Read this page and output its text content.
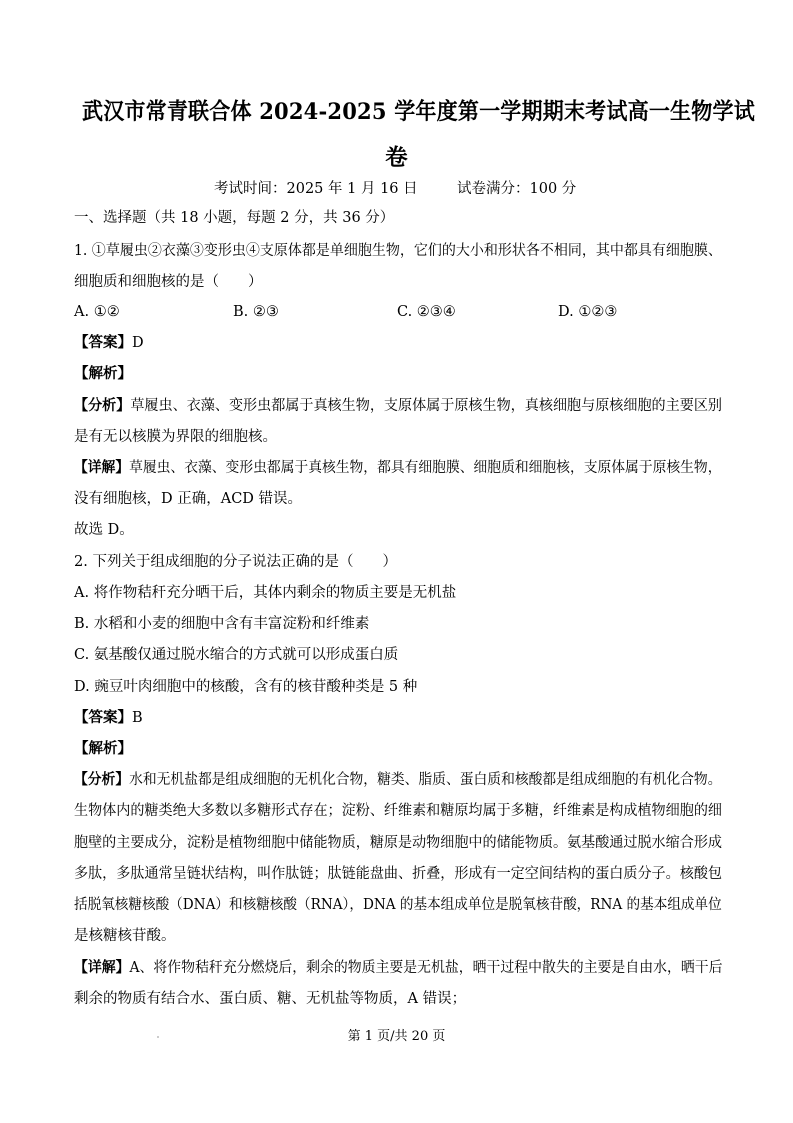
武汉市常青联合体 2024-2025 学年度第一学期期末考试高一生物学试
卷
考试时间：2025 年 1 月 16 日	试卷满分：100 分
一、选择题（共 18 小题，每题 2 分，共 36 分）
1. ①草履虫②衣藻③变形虫④支原体都是单细胞生物，它们的大小和形状各不相同，其中都具有细胞膜、
细胞质和细胞核的是（　　）
A. ①②	B. ②③	C. ②③④	D. ①②③
【答案】D
【解析】
【分析】草履虫、衣藻、变形虫都属于真核生物，支原体属于原核生物，真核细胞与原核细胞的主要区别
是有无以核膜为界限的细胞核。
【详解】草履虫、衣藻、变形虫都属于真核生物，都具有细胞膜、细胞质和细胞核，支原体属于原核生物，
没有细胞核，D 正确，ACD 错误。
故选 D。
2. 下列关于组成细胞的分子说法正确的是（　　）
A. 将作物秸秆充分晒干后，其体内剩余的物质主要是无机盐
B. 水稻和小麦的细胞中含有丰富淀粉和纤维素
C. 氨基酸仅通过脱水缩合的方式就可以形成蛋白质
D. 豌豆叶肉细胞中的核酸，含有的核苷酸种类是 5 种
【答案】B
【解析】
【分析】水和无机盐都是组成细胞的无机化合物，糖类、脂质、蛋白质和核酸都是组成细胞的有机化合物。
生物体内的糖类绝大多数以多糖形式存在；淀粉、纤维素和糖原均属于多糖，纤维素是构成植物细胞的细
胞壁的主要成分，淀粉是植物细胞中储能物质，糖原是动物细胞中的储能物质。氨基酸通过脱水缩合形成
多肽，多肽通常呈链状结构，叫作肽链；肽链能盘曲、折叠，形成有一定空间结构的蛋白质分子。核酸包
括脱氧核糖核酸（DNA）和核糖核酸（RNA），DNA 的基本组成单位是脱氧核苷酸，RNA 的基本组成单位
是核糖核苷酸。
【详解】A、将作物秸秆充分燃烧后，剩余的物质主要是无机盐，晒干过程中散失的主要是自由水，晒干后
剩余的物质有结合水、蛋白质、糖、无机盐等物质，A 错误；
第 1 页/共 20 页
